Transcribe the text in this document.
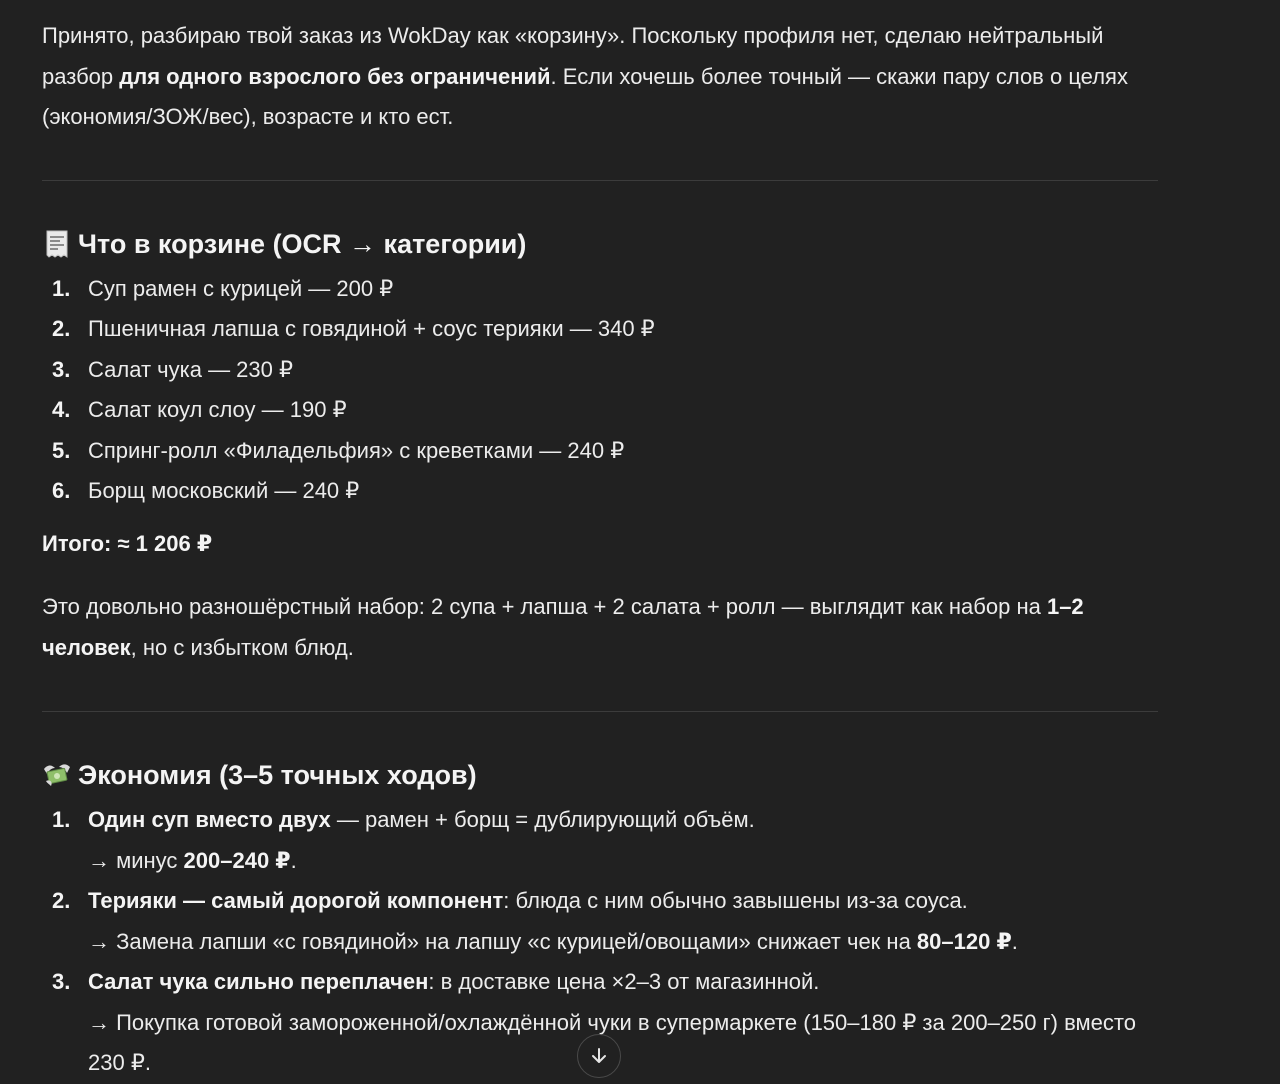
Принято, разбираю твой заказ из WokDay как «корзину». Поскольку профиля нет, сделаю нейтральный разбор для одного взрослого без ограничений. Если хочешь более точный — скажи пару слов о целях (экономия/ЗОЖ/вес), возрасте и кто ест.

Что в корзине (OCR → категории)
1. Суп рамен с курицей — 200 ₽
2. Пшеничная лапша с говядиной + соус терияки — 340 ₽
3. Салат чука — 230 ₽
4. Салат коул слоу — 190 ₽
5. Спринг-ролл «Филадельфия» с креветками — 240 ₽
6. Борщ московский — 240 ₽

Итого: ≈ 1 206 ₽

Это довольно разношёрстный набор: 2 супа + лапша + 2 салата + ролл — выглядит как набор на 1–2 человек, но с избытком блюд.

Экономия (3–5 точных ходов)
1. Один суп вместо двух — рамен + борщ = дублирующий объём.
→ минус 200–240 ₽.
2. Терияки — самый дорогой компонент: блюда с ним обычно завышены из-за соуса.
→ Замена лапши «с говядиной» на лапшу «с курицей/овощами» снижает чек на 80–120 ₽.
3. Салат чука сильно переплачен: в доставке цена ×2–3 от магазинной.
→ Покупка готовой замороженной/охлаждённой чуки в супермаркете (150–180 ₽ за 200–250 г) вместо 230 ₽.
